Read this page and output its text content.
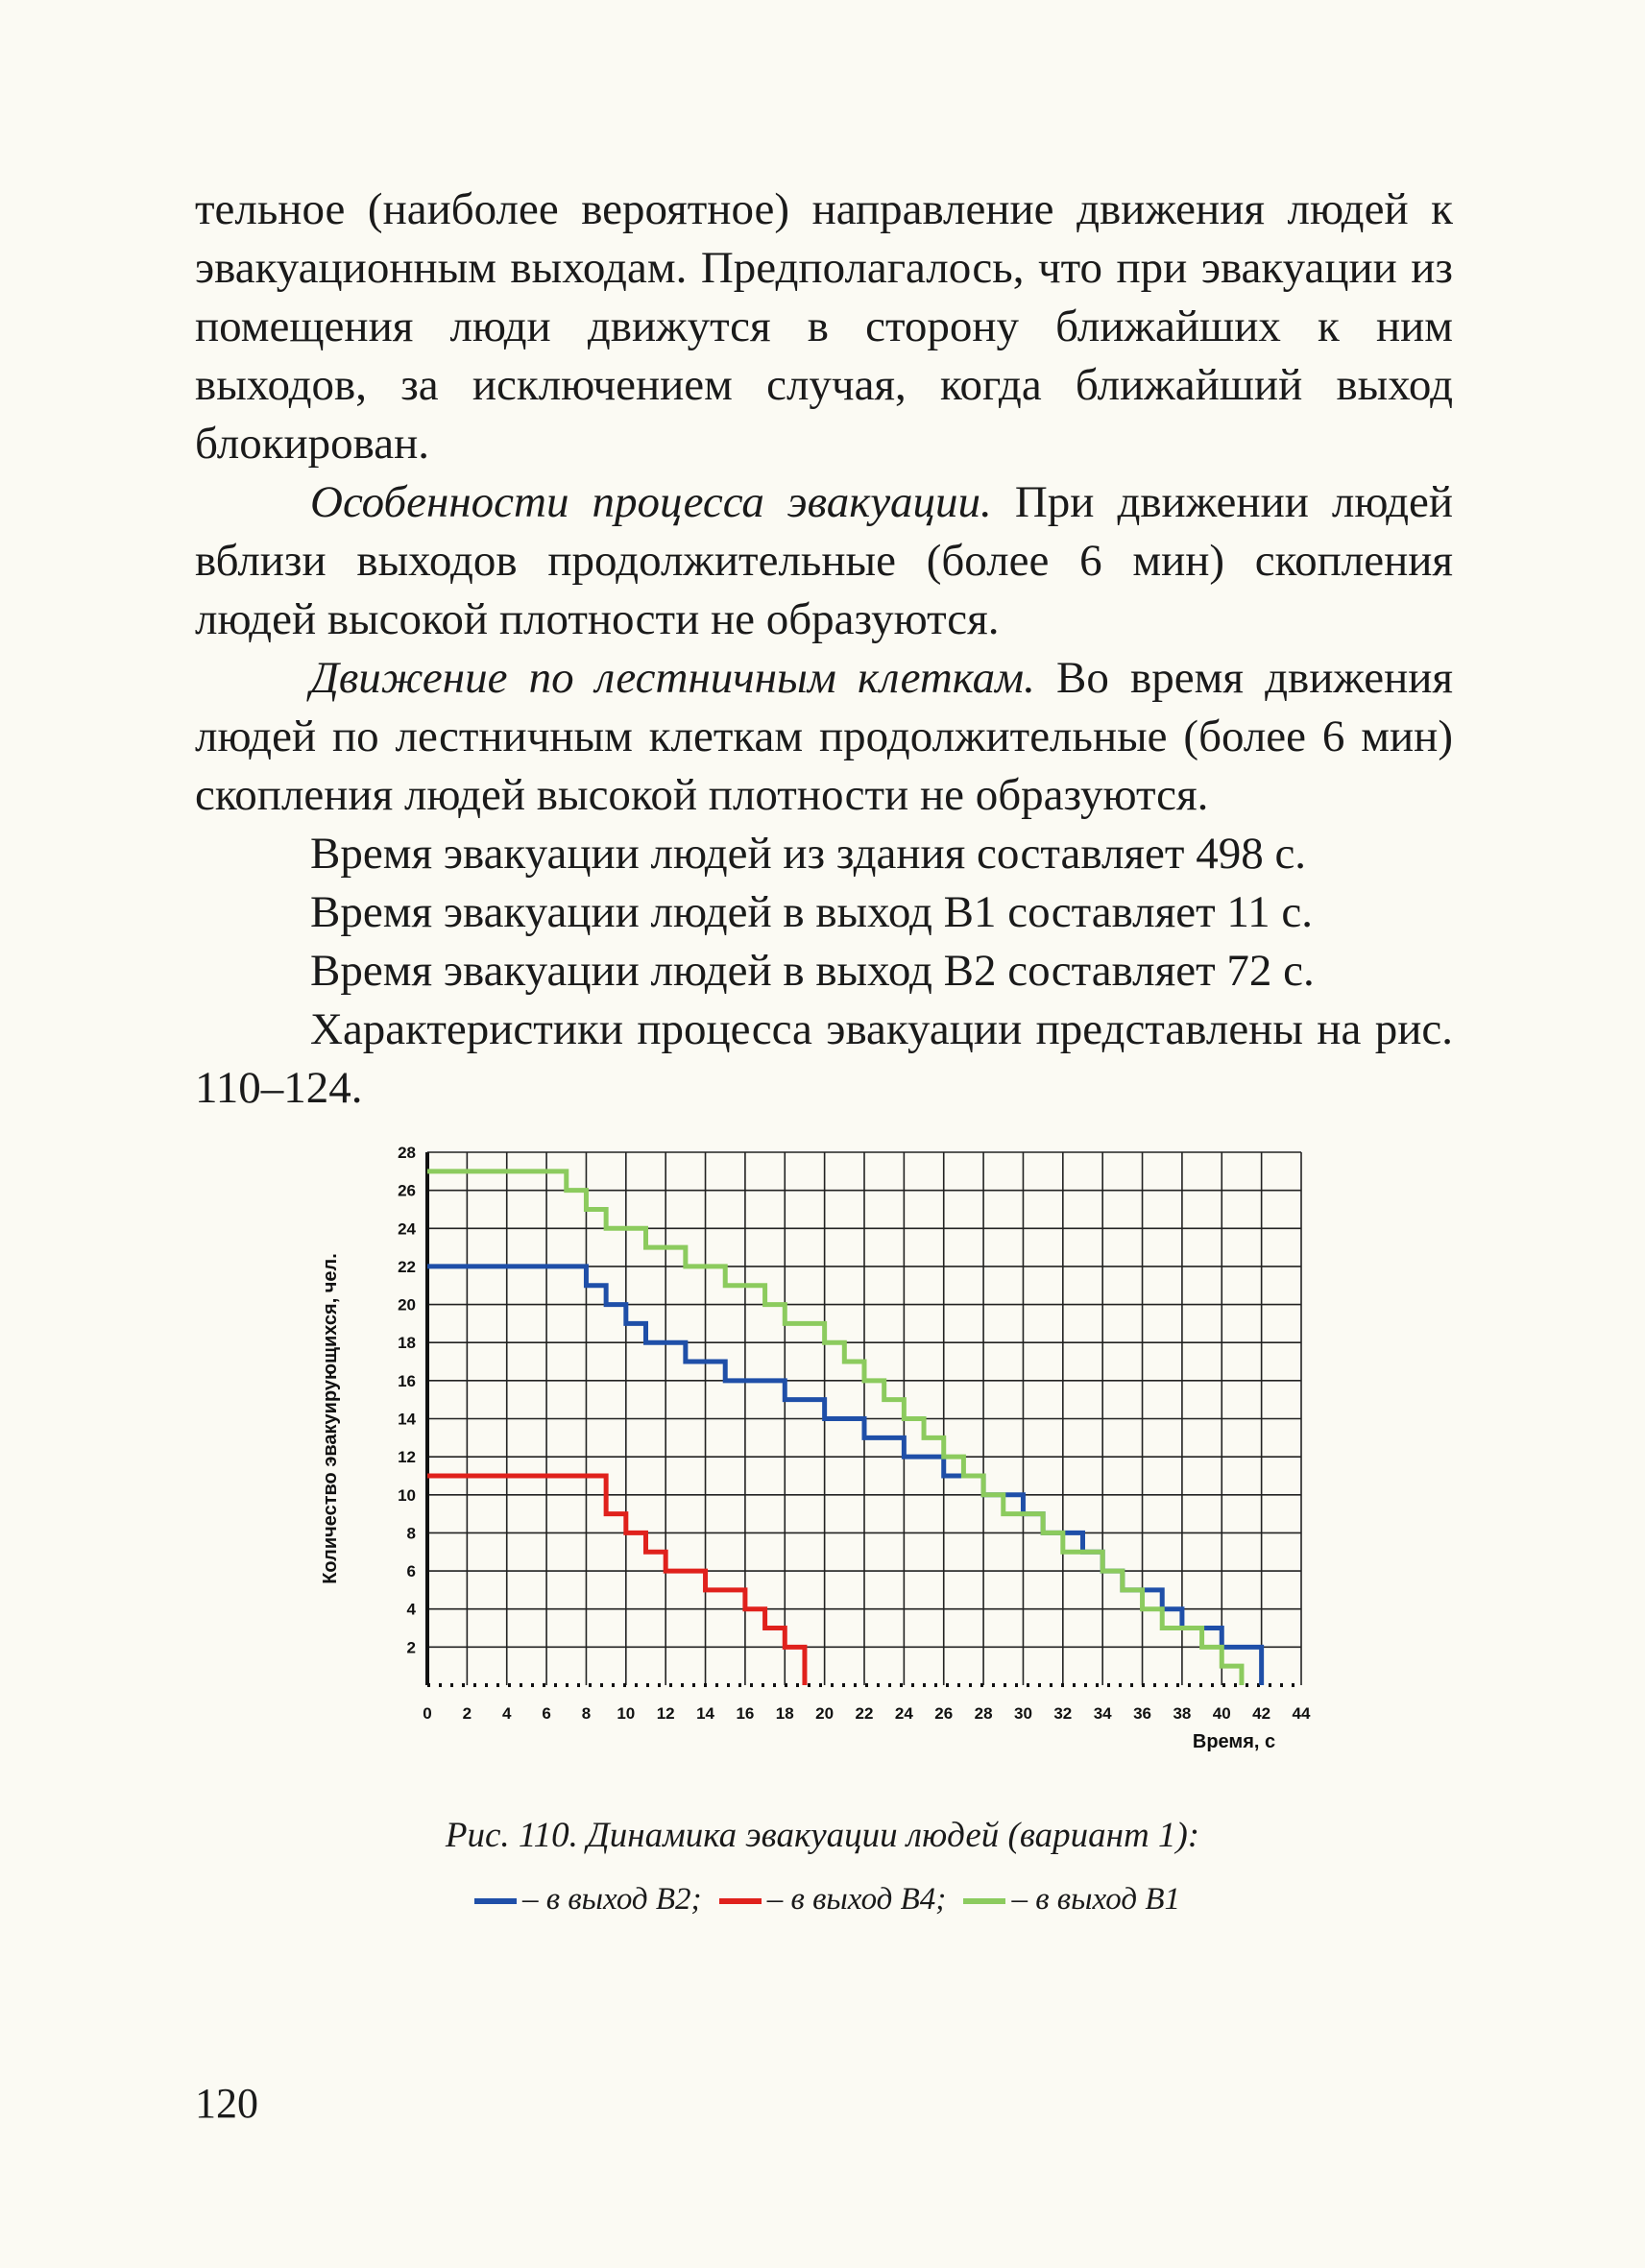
тельное (наиболее вероятное) направление движения людей к эвакуационным выходам. Предполагалось, что при эвакуации из помещения люди движутся в сторону ближайших к ним выходов, за исключением случая, когда ближайший выход блокирован.

Особенности процесса эвакуации. При движении людей вблизи выходов продолжительные (более 6 мин) скопления людей высокой плотности не образуются.

Движение по лестничным клеткам. Во время движения людей по лестничным клеткам продолжительные (более 6 мин) скопления людей высокой плотности не образуются.

Время эвакуации людей из здания составляет 498 с.

Время эвакуации людей в выход В1 составляет 11 с.

Время эвакуации людей в выход В2 составляет 72 с.

Характеристики процесса эвакуации представлены на рис. 110–124.

0 2 4 6 8 10 12 14 16 18 20 22 24 26 28 30 32 34 36 38 40 42 44
2
4
6
8
10
12
14
16
18
20
22
24
26
28
Время, с
Количество эвакуирующихся, чел.
Рис. 110. Динамика эвакуации людей (вариант 1):
– в выход В2; – в выход В4; – в выход В1
120
